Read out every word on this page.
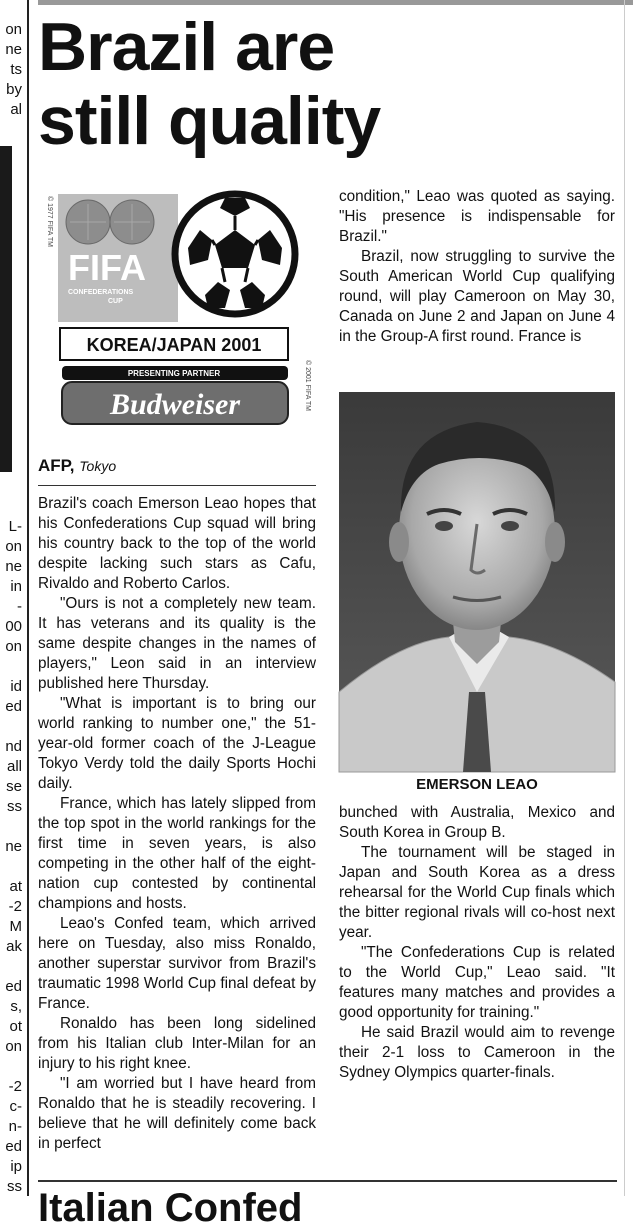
on
ne
ts
by
al
L-
on
ne
in
-
00
on
id
ed
nd
all
se
ss
ne
at
-2
M
ak
ed
s,
ot
on
-2
c-
n-
ed
ip
ss
Brazil are
still quality
© 1977 FIFA TM
FIFA
CONFEDERATIONS
CUP
KOREA/JAPAN 2001
PRESENTING PARTNER
Budweiser	© 2001 FIFA TM
AFP, Tokyo

Brazil's coach Emerson Leao hopes that his Confederations Cup squad will bring his country back to the top of the world despite lacking such stars as Cafu, Rivaldo and Roberto Carlos.

"Ours is not a completely new team. It has veterans and its quality is the same despite changes in the names of players," Leon said in an interview published here Thursday.

"What is important is to bring our world ranking to number one," the 51-year-old former coach of the J-League Tokyo Verdy told the daily Sports Hochi daily.

France, which has lately slipped from the top spot in the world rankings for the first time in seven years, is also competing in the other half of the eight-nation cup contested by continental champions and hosts.

Leao's Confed team, which arrived here on Tuesday, also miss Ronaldo, another superstar survivor from Brazil's traumatic 1998 World Cup final defeat by France.

Ronaldo has been long sidelined from his Italian club Inter-Milan for an injury to his right knee.

"I am worried but I have heard from Ronaldo that he is steadily recovering. I believe that he will definitely come back in perfect

condition," Leao was quoted as saying. "His presence is indispensable for Brazil."

Brazil, now struggling to survive the South American World Cup qualifying round, will play Cameroon on May 30, Canada on June 2 and Japan on June 4 in the Group-A first round. France is

EMERSON LEAO

bunched with Australia, Mexico and South Korea in Group B.

The tournament will be staged in Japan and South Korea as a dress rehearsal for the World Cup finals which the bitter regional rivals will co-host next year.

"The Confederations Cup is related to the World Cup," Leao said. "It features many matches and provides a good opportunity for training."

He said Brazil would aim to revenge their 2-1 loss to Cameroon in the Sydney Olympics quarter-finals.

Italian Confed
